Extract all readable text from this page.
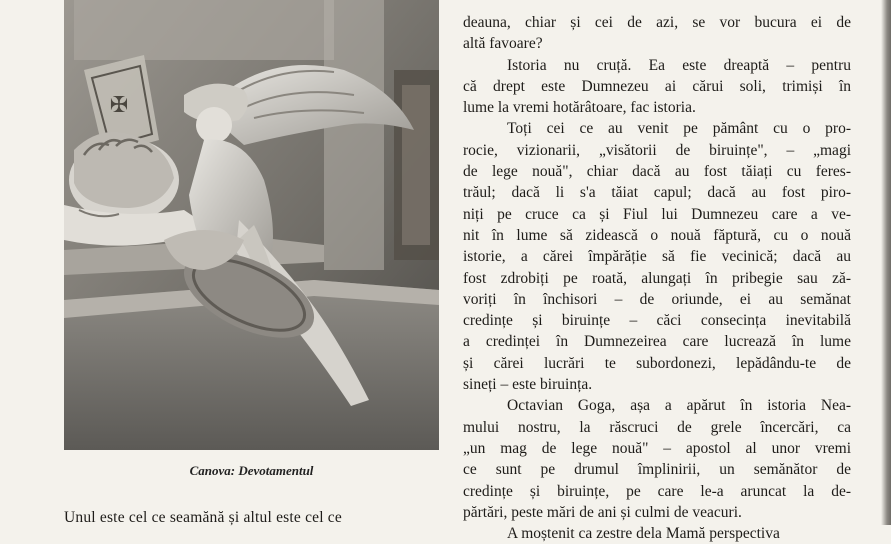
✠
Canova: Devotamentul
Unul este cel ce seamănă și altul este cel ce
deauna, chiar și cei de azi, se vor bucura ei de
altă favoare?
Istoria nu cruță. Ea este dreaptă – pentru
că drept este Dumnezeu ai cărui soli, trimiși în
lume la vremi hotărâtoare, fac istoria.
Toți cei ce au venit pe pământ cu o pro-
rocie, vizionarii, „visătorii de biruințe", – „magi
de lege nouă", chiar dacă au fost tăiați cu feres-
trăul; dacă li s'a tăiat capul; dacă au fost piro-
niți pe cruce ca și Fiul lui Dumnezeu care a ve-
nit în lume să zidească o nouă făptură, cu o nouă
istorie, a cărei împărăție să fie vecinică; dacă au
fost zdrobiți pe roată, alungați în pribegie sau ză-
voriți în închisori – de oriunde, ei au semănat
credințe și biruințe – căci consecința inevitabilă
a credinței în Dumnezeirea care lucrează în lume
și cărei lucrări te subordonezi, lepădându-te de
sineți – este biruința.
Octavian Goga, așa a apărut în istoria Nea-
mului nostru, la răscruci de grele încercări, ca
„un mag de lege nouă" – apostol al unor vremi
ce sunt pe drumul împlinirii, un semănător de
credințe și biruințe, pe care le-a aruncat la de-
părtări, peste mări de ani și culmi de veacuri.
A moștenit ca zestre dela Mamă perspectiva
